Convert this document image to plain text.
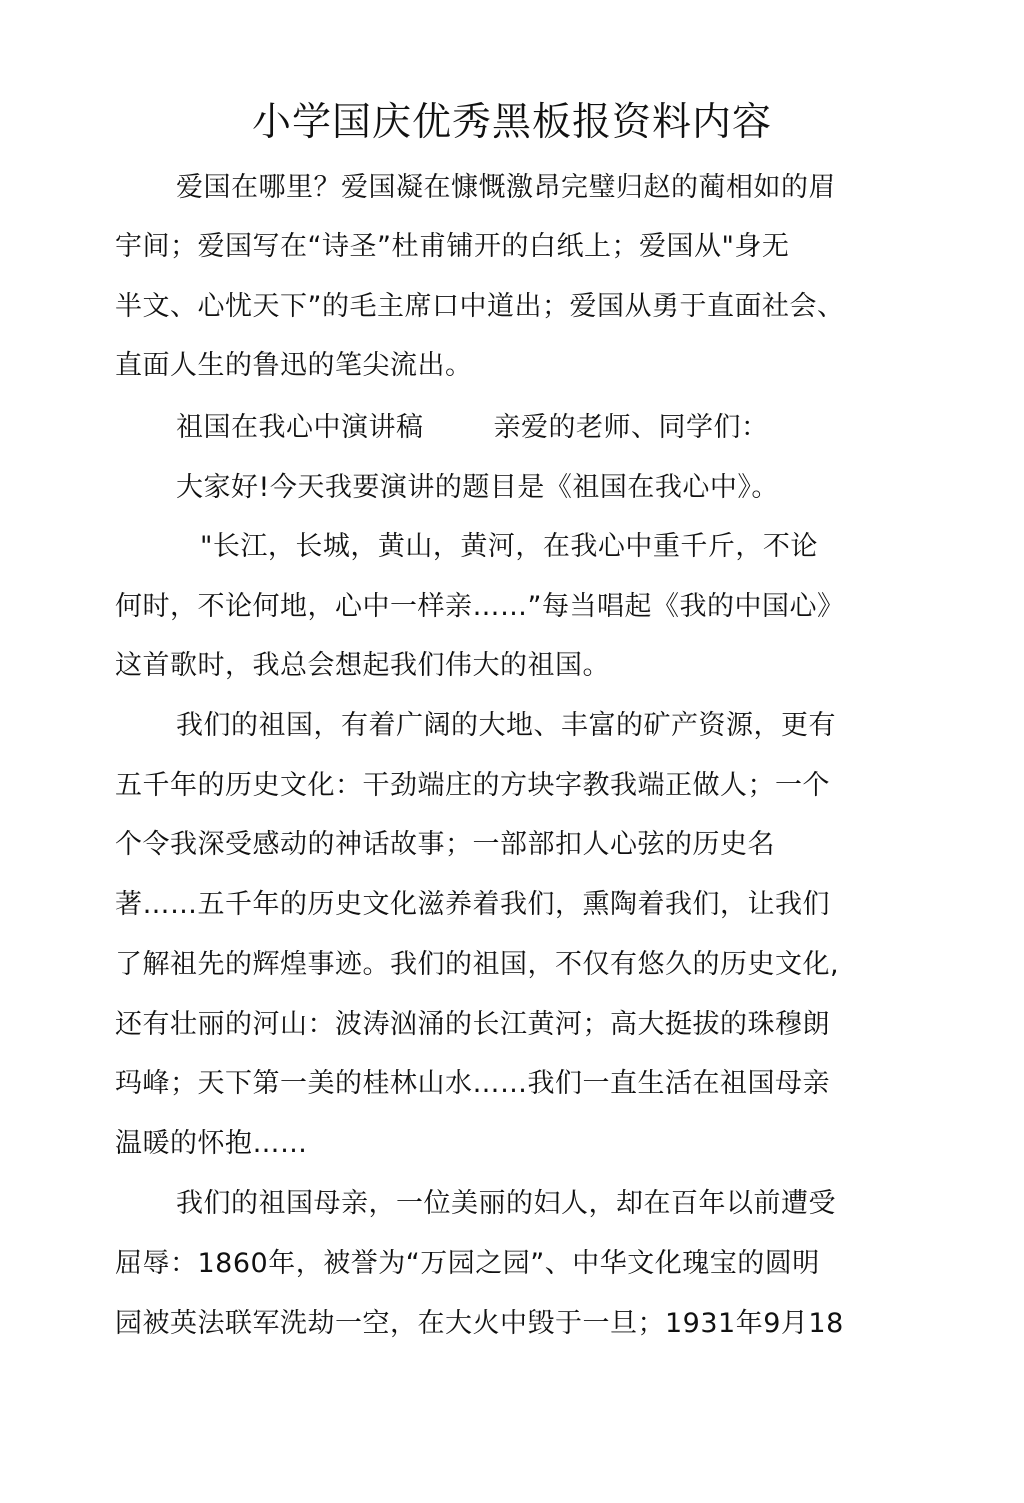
小学国庆优秀黑板报资料内容
爱国在哪里？爱国凝在慷慨激昂完璧归赵的蔺相如的眉
宇间；爱国写在“诗圣”杜甫铺开的白纸上；爱国从"身无
半文、心忧天下”的毛主席口中道出；爱国从勇于直面社会、
直面人生的鲁迅的笔尖流出。
祖国在我心中演讲稿	亲爱的老师、同学们：
大家好!今天我要演讲的题目是《祖国在我心中》。
"长江，长城，黄山，黄河，在我心中重千斤，不论
何时，不论何地，心中一样亲……”每当唱起《我的中国心》
这首歌时，我总会想起我们伟大的祖国。
我们的祖国，有着广阔的大地、丰富的矿产资源，更有
五千年的历史文化：干劲端庄的方块字教我端正做人；一个
个令我深受感动的神话故事；一部部扣人心弦的历史名
著……五千年的历史文化滋养着我们，熏陶着我们，让我们
了解祖先的辉煌事迹。我们的祖国，不仅有悠久的历史文化,
还有壮丽的河山：波涛汹涌的长江黄河；高大挺拔的珠穆朗
玛峰；天下第一美的桂林山水……我们一直生活在祖国母亲
温暖的怀抱……
我们的祖国母亲，一位美丽的妇人，却在百年以前遭受
屈辱：1860年，被誉为“万园之园”、中华文化瑰宝的圆明
园被英法联军洗劫一空，在大火中毁于一旦；1931年9月18
